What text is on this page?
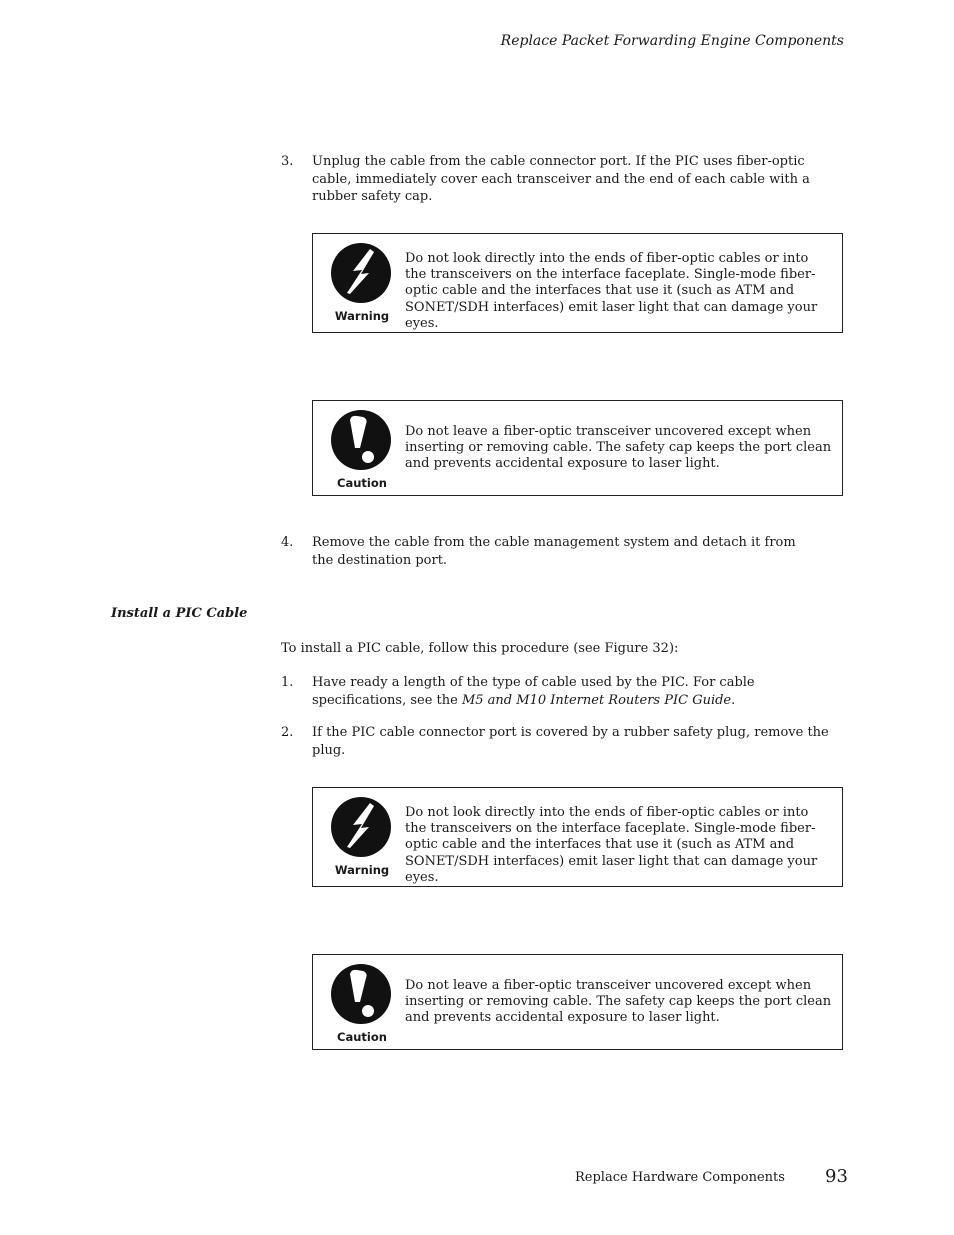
Replace Packet Forwarding Engine Components
3. Unplug the cable from the cable connector port. If the PIC uses fiber-optic cable, immediately cover each transceiver and the end of each cable with a rubber safety cap.
Warning
Do not look directly into the ends of fiber-optic cables or into the transceivers on the interface faceplate. Single-mode fiber-optic cable and the interfaces that use it (such as ATM and SONET/SDH interfaces) emit laser light that can damage your eyes.
Caution
Do not leave a fiber-optic transceiver uncovered except when inserting or removing cable. The safety cap keeps the port clean and prevents accidental exposure to laser light.
4. Remove the cable from the cable management system and detach it from the destination port.
Install a PIC Cable
To install a PIC cable, follow this procedure (see Figure 32):
1. Have ready a length of the type of cable used by the PIC. For cable specifications, see the M5 and M10 Internet Routers PIC Guide.
2. If the PIC cable connector port is covered by a rubber safety plug, remove the plug.
Warning
Do not look directly into the ends of fiber-optic cables or into the transceivers on the interface faceplate. Single-mode fiber-optic cable and the interfaces that use it (such as ATM and SONET/SDH interfaces) emit laser light that can damage your eyes.
Caution
Do not leave a fiber-optic transceiver uncovered except when inserting or removing cable. The safety cap keeps the port clean and prevents accidental exposure to laser light.
Replace Hardware Components 93
